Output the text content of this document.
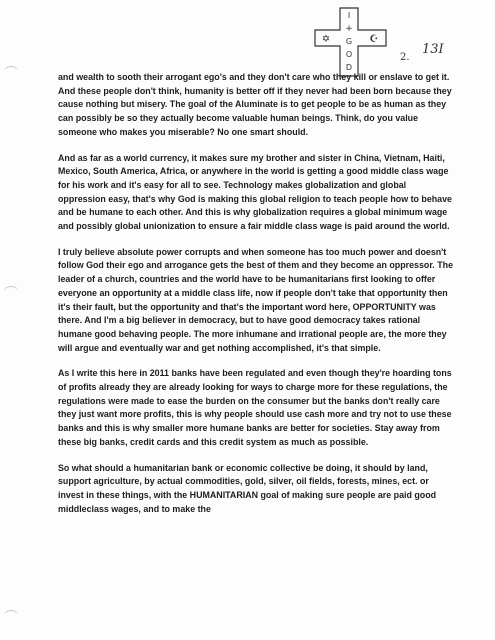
I
+
G
O
D
✡	☪
2.
13I

and wealth to sooth their arrogant ego's and they don't care who they kill or enslave to get it. And these people don't think, humanity is better off if they never had been born because they cause nothing but misery. The goal of the Aluminate is to get people to be as human as they can possibly be so they actually become valuable human beings. Think, do you value someone who makes you miserable? No one smart should.

And as far as a world currency, it makes sure my brother and sister in China, Vietnam, Haiti, Mexico, South America, Africa, or anywhere in the world is getting a good middle class wage for his work and it's easy for all to see. Technology makes globalization and global oppression easy, that's why God is making this global religion to teach people how to behave and be humane to each other. And this is why globalization requires a global minimum wage and possibly global unionization to ensure a fair middle class wage is paid around the world.

I truly believe absolute power corrupts and when someone has too much power and doesn't follow God their ego and arrogance gets the best of them and they become an oppressor. The leader of a church, countries and the world have to be humanitarians first looking to offer everyone an opportunity at a middle class life, now if people don't take that opportunity then it's their fault, but the opportunity and that's the important word here, OPPORTUNITY was there. And I'm a big believer in democracy, but to have good democracy takes rational humane good behaving people. The more inhumane and irrational people are, the more they will argue and eventually war and get nothing accomplished, it's that simple.

As I write this here in 2011 banks have been regulated and even though they're hoarding tons of profits already they are already looking for ways to charge more for these regulations, the regulations were made to ease the burden on the consumer but the banks don't really care they just want more profits, this is why people should use cash more and try not to use these banks and this is why smaller more humane banks are better for societies. Stay away from these big banks, credit cards and this credit system as much as possible.

So what should a humanitarian bank or economic collective be doing, it should by land, support agriculture, by actual commodities, gold, silver, oil fields, forests, mines, ect. or invest in these things, with the HUMANITARIAN goal of making sure people are paid good middleclass wages, and to make the
